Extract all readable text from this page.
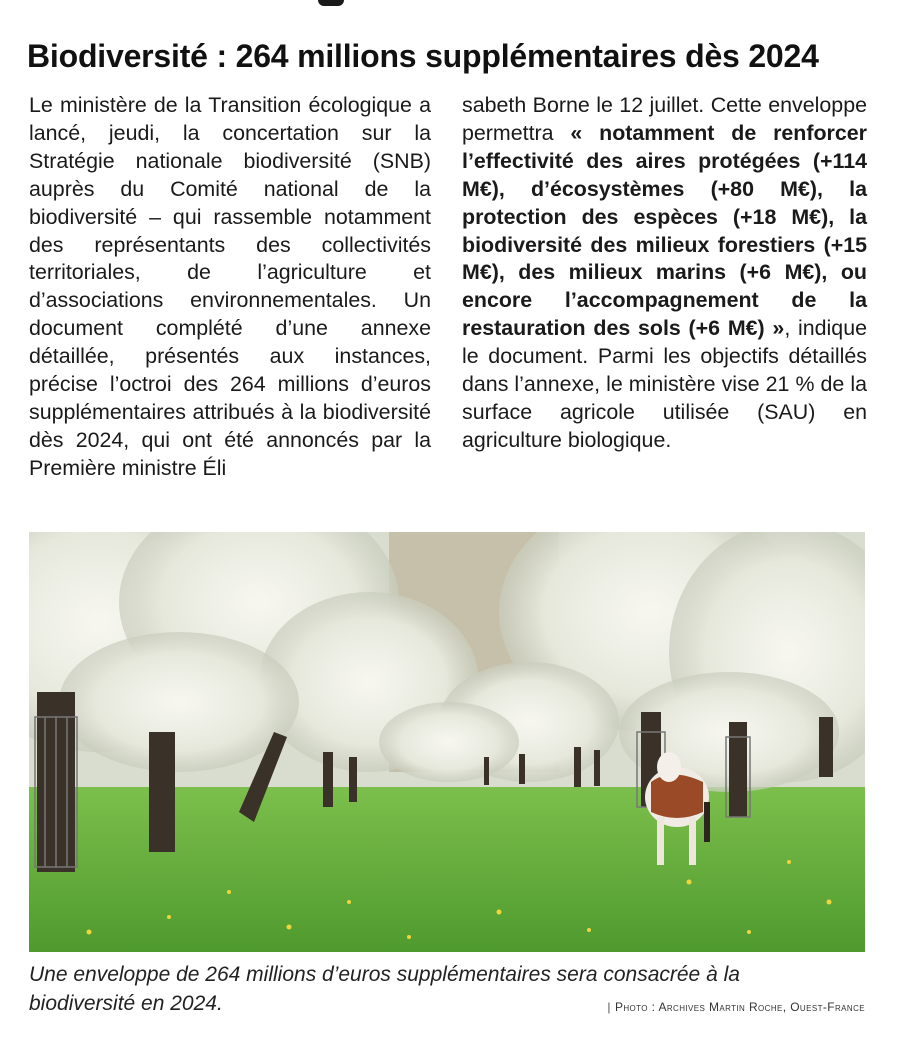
Biodiversité : 264 millions supplémentaires dès 2024

Le ministère de la Transition écologique a lancé, jeudi, la concertation sur la Stratégie nationale biodiversité (SNB) auprès du Comité national de la biodiversité – qui rassemble notamment des représentants des collectivités territoriales, de l’agriculture et d’associations environnementales. Un document complété d’une annexe détaillée, présentés aux instances, précise l’octroi des 264 millions d’euros supplémentaires attribués à la biodiversité dès 2024, qui ont été annoncés par la Première ministre Éli

sabeth Borne le 12 juillet. Cette enveloppe permettra « notamment de renforcer l’effectivité des aires protégées (+114 M€), d’écosystèmes (+80 M€), la protection des espèces (+18 M€), la biodiversité des milieux forestiers (+15 M€), des milieux marins (+6 M€), ou encore l’accompagnement de la restauration des sols (+6 M€) », indique le document. Parmi les objectifs détaillés dans l’annexe, le ministère vise 21 % de la surface agricole utilisée (SAU) en agriculture biologique.

Une enveloppe de 264 millions d’euros supplémentaires sera consacrée à la biodiversité en 2024.	| Photo : Archives Martin Roche, Ouest-France
